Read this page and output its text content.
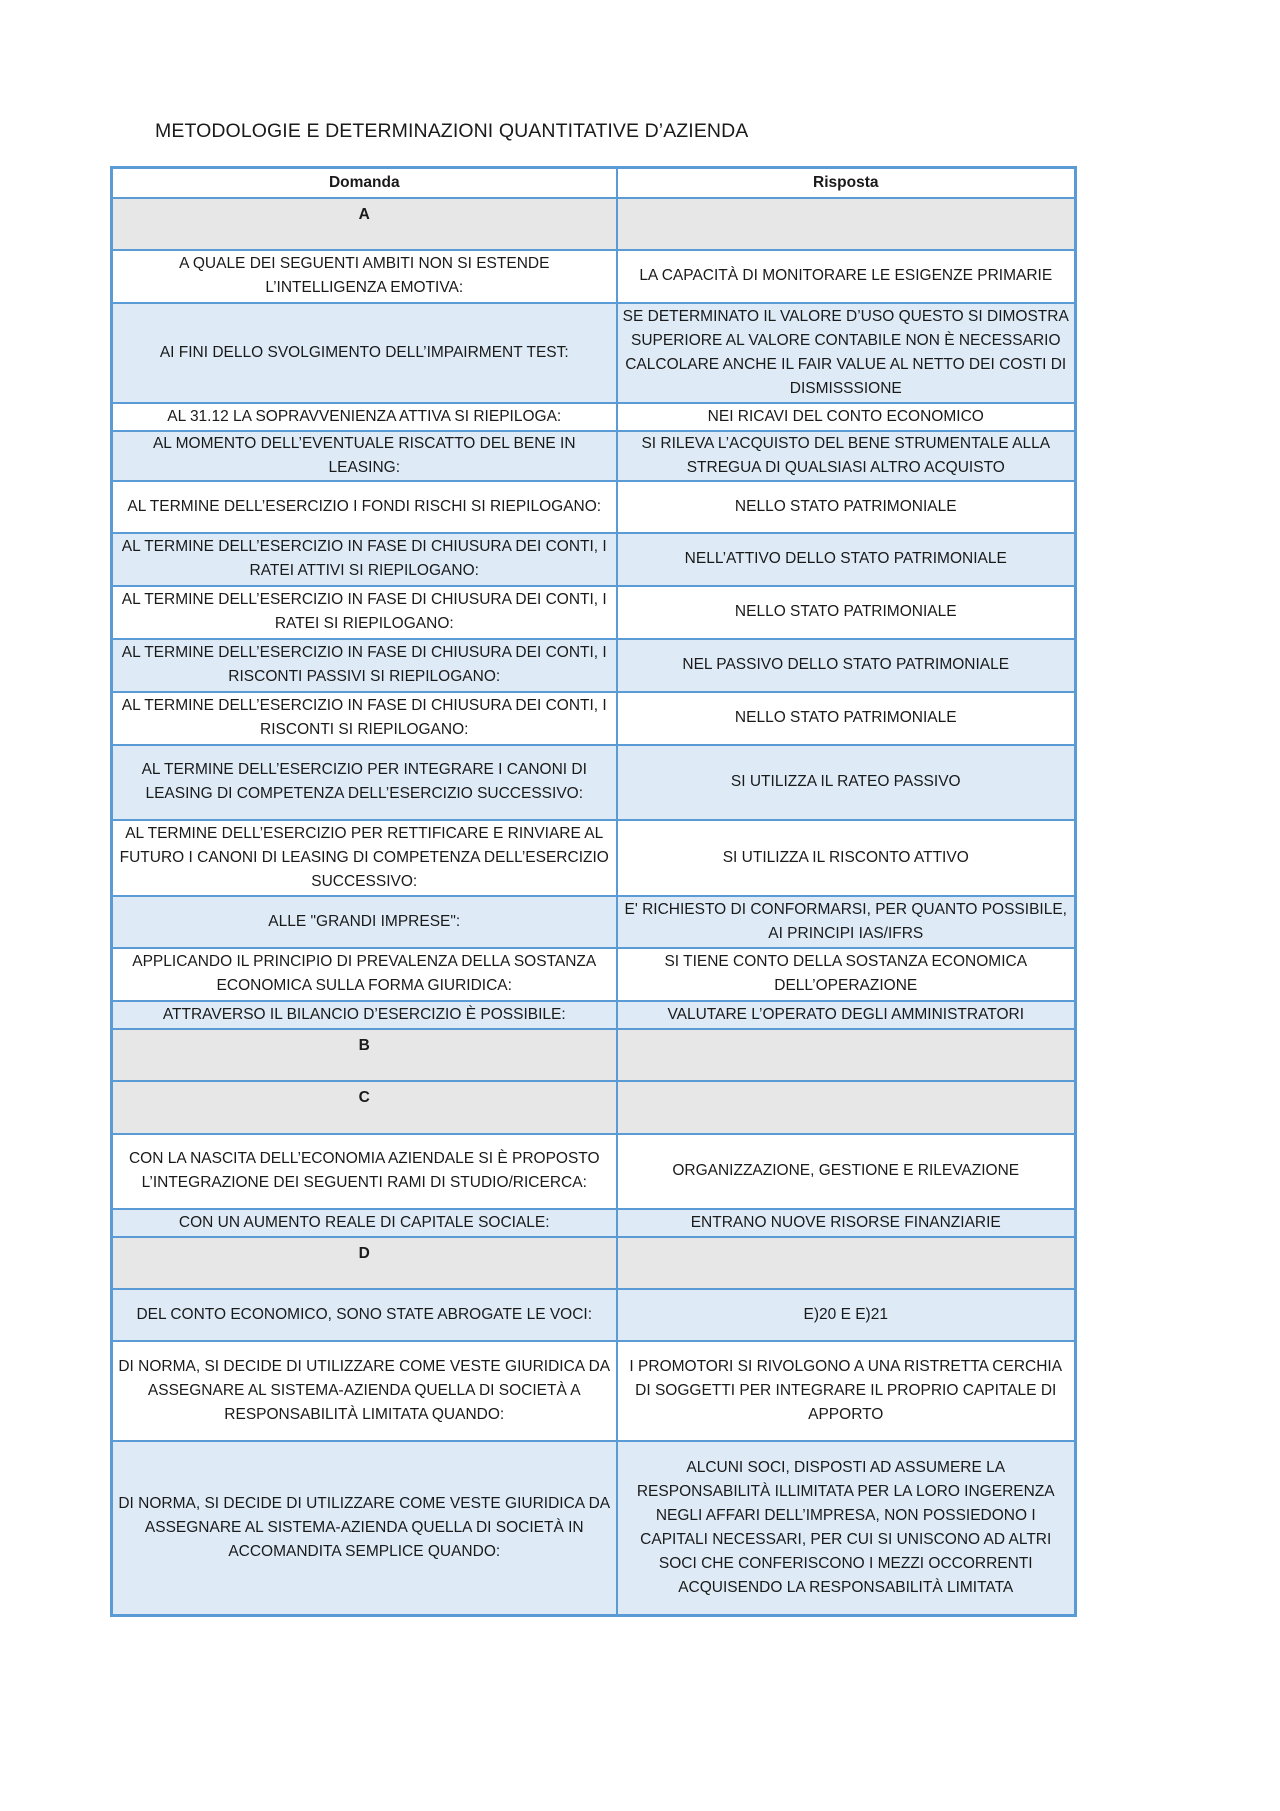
METODOLOGIE E DETERMINAZIONI QUANTITATIVE D’AZIENDA
Domanda	Risposta
A	
A QUALE DEI SEGUENTI AMBITI NON SI ESTENDE L’INTELLIGENZA EMOTIVA:	LA CAPACITÀ DI MONITORARE LE ESIGENZE PRIMARIE
AI FINI DELLO SVOLGIMENTO DELL’IMPAIRMENT TEST:	SE DETERMINATO IL VALORE D’USO QUESTO SI DIMOSTRA SUPERIORE AL VALORE CONTABILE NON È NECESSARIO CALCOLARE ANCHE IL FAIR VALUE AL NETTO DEI COSTI DI DISMISSSIONE
AL 31.12 LA SOPRAVVENIENZA ATTIVA SI RIEPILOGA:	NEI RICAVI DEL CONTO ECONOMICO
AL MOMENTO DELL’EVENTUALE RISCATTO DEL BENE IN LEASING:	SI RILEVA L’ACQUISTO DEL BENE STRUMENTALE ALLA STREGUA DI QUALSIASI ALTRO ACQUISTO
AL TERMINE DELL’ESERCIZIO I FONDI RISCHI SI RIEPILOGANO:	NELLO STATO PATRIMONIALE
AL TERMINE DELL’ESERCIZIO IN FASE DI CHIUSURA DEI CONTI, I RATEI ATTIVI SI RIEPILOGANO:	NELL’ATTIVO DELLO STATO PATRIMONIALE
AL TERMINE DELL’ESERCIZIO IN FASE DI CHIUSURA DEI CONTI, I RATEI SI RIEPILOGANO:	NELLO STATO PATRIMONIALE
AL TERMINE DELL’ESERCIZIO IN FASE DI CHIUSURA DEI CONTI, I RISCONTI PASSIVI SI RIEPILOGANO:	NEL PASSIVO DELLO STATO PATRIMONIALE
AL TERMINE DELL’ESERCIZIO IN FASE DI CHIUSURA DEI CONTI, I RISCONTI SI RIEPILOGANO:	NELLO STATO PATRIMONIALE
AL TERMINE DELL’ESERCIZIO PER INTEGRARE I CANONI DI LEASING DI COMPETENZA DELL’ESERCIZIO SUCCESSIVO:	SI UTILIZZA IL RATEO PASSIVO
AL TERMINE DELL’ESERCIZIO PER RETTIFICARE E RINVIARE AL FUTURO I CANONI DI LEASING DI COMPETENZA DELL’ESERCIZIO SUCCESSIVO:	SI UTILIZZA IL RISCONTO ATTIVO
ALLE "GRANDI IMPRESE":	E' RICHIESTO DI CONFORMARSI, PER QUANTO POSSIBILE, AI PRINCIPI IAS/IFRS
APPLICANDO IL PRINCIPIO DI PREVALENZA DELLA SOSTANZA ECONOMICA SULLA FORMA GIURIDICA:	SI TIENE CONTO DELLA SOSTANZA ECONOMICA DELL’OPERAZIONE
ATTRAVERSO IL BILANCIO D’ESERCIZIO È POSSIBILE:	VALUTARE L’OPERATO DEGLI AMMINISTRATORI
B	
C	
CON LA NASCITA DELL’ECONOMIA AZIENDALE SI È PROPOSTO L’INTEGRAZIONE DEI SEGUENTI RAMI DI STUDIO/RICERCA:	ORGANIZZAZIONE, GESTIONE E RILEVAZIONE
CON UN AUMENTO REALE DI CAPITALE SOCIALE:	ENTRANO NUOVE RISORSE FINANZIARIE
D	
DEL CONTO ECONOMICO, SONO STATE ABROGATE LE VOCI:	E)20 E E)21
DI NORMA, SI DECIDE DI UTILIZZARE COME VESTE GIURIDICA DA ASSEGNARE AL SISTEMA-AZIENDA QUELLA DI SOCIETÀ A RESPONSABILITÀ LIMITATA QUANDO:	I PROMOTORI SI RIVOLGONO A UNA RISTRETTA CERCHIA DI SOGGETTI PER INTEGRARE IL PROPRIO CAPITALE DI APPORTO
DI NORMA, SI DECIDE DI UTILIZZARE COME VESTE GIURIDICA DA ASSEGNARE AL SISTEMA-AZIENDA QUELLA DI SOCIETÀ IN ACCOMANDITA SEMPLICE QUANDO:	ALCUNI SOCI, DISPOSTI AD ASSUMERE LA RESPONSABILITÀ ILLIMITATA PER LA LORO INGERENZA NEGLI AFFARI DELL’IMPRESA, NON POSSIEDONO I CAPITALI NECESSARI, PER CUI SI UNISCONO AD ALTRI SOCI CHE CONFERISCONO I MEZZI OCCORRENTI ACQUISENDO LA RESPONSABILITÀ LIMITATA
